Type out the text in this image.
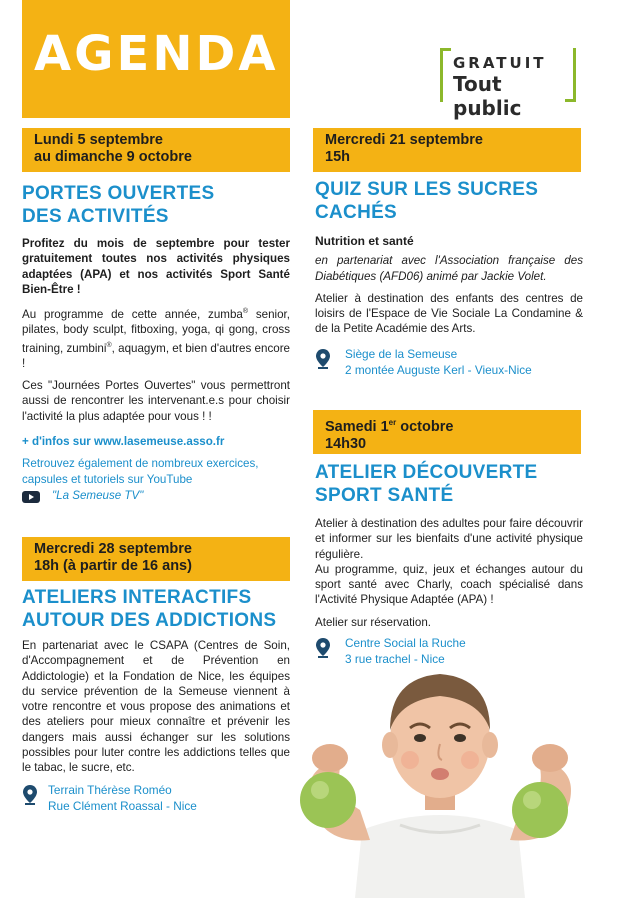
AGENDA	GRATUIT
Tout public
Lundi 5 septembre
au dimanche 9 octobre
PORTES OUVERTES
DES ACTIVITÉS

Profitez du mois de septembre pour tester gratuitement toutes nos activités physiques adaptées (APA) et nos activités Sport Santé Bien-Être !

Au programme de cette année, zumba® senior, pilates, body sculpt, fitboxing, yoga, qi gong, cross training, zumbini®, aquagym, et bien d'autres encore !

Ces "Journées Portes Ouvertes" vous permettront aussi de rencontrer les intervenant.e.s pour choisir l'activité la plus adaptée pour vous ! !

+ d'infos sur www.lasemeuse.asso.fr

Retrouvez également de nombreux exercices, capsules et tutoriels sur YouTube

"La Semeuse TV"
Mercredi 28 septembre
18h (à partir de 16 ans)
ATELIERS INTERACTIFS
AUTOUR DES ADDICTIONS

En partenariat avec le CSAPA (Centres de Soin, d'Accompagnement et de Prévention en Addictologie) et la Fondation de Nice, les équipes du service prévention de la Semeuse viennent à votre rencontre et vous propose des animations et des ateliers pour mieux connaître et prévenir les dangers mais aussi échanger sur les solutions possibles pour luter contre les addictions telles que le tabac, le sucre, etc.

Terrain Thérèse Roméo
Rue Clément Roassal - Nice
Mercredi 21 septembre
15h
QUIZ SUR LES SUCRES
CACHÉS

Nutrition et santé

en partenariat avec l'Association française des Diabétiques (AFD06) animé par Jackie Volet.

Atelier à destination des enfants des centres de loisirs de l'Espace de Vie Sociale La Condamine & de la Petite Académie des Arts.

Siège de la Semeuse
2 montée Auguste Kerl - Vieux-Nice
Samedi 1er octobre
14h30
ATELIER DÉCOUVERTE
SPORT SANTÉ

Atelier à destination des adultes pour faire découvrir et informer sur les bienfaits d'une activité physique régulière.

Au programme, quiz, jeux et échanges autour du sport santé avec Charly, coach spécialisé dans l'Activité Physique Adaptée (APA) !

Atelier sur réservation.

Centre Social la Ruche
3 rue trachel - Nice
